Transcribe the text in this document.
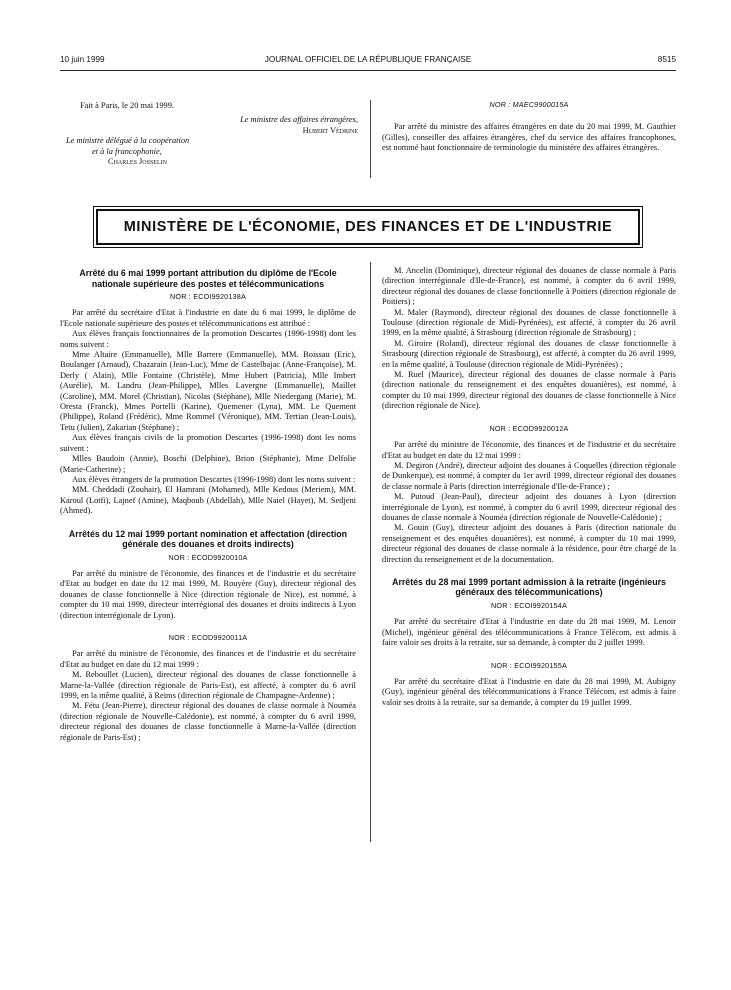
10 juin 1999	JOURNAL OFFICIEL DE LA RÉPUBLIQUE FRANÇAISE	8515
Fait à Paris, le 20 mai 1999.
Le ministre des affaires étrangères,
Hubert Védrine
Le ministre délégué à la coopération
et à la francophonie,
Charles Josselin

NOR : MAEC9900015A

Par arrêté du ministre des affaires étrangères en date du 20 mai 1999, M. Gauthier (Gilles), conseiller des affaires étrangères, chef du service des affaires francophones, est nommé haut fonctionnaire de terminologie du ministère des affaires étrangères.

MINISTÈRE DE L'ÉCONOMIE, DES FINANCES ET DE L'INDUSTRIE

Arrêté du 6 mai 1999 portant attribution du diplôme de l'Ecole nationale supérieure des postes et télécommunications

NOR : ECOI9920138A

Par arrêté du secrétaire d'Etat à l'industrie en date du 6 mai 1999, le diplôme de l'Ecole nationale supérieure des postes et télécommunications est attribué :

Aux élèves français fonctionnaires de la promotion Descartes (1996-1998) dont les noms suivent :

Mme Altaire (Emmanuelle), Mlle Barrere (Emmanuelle), MM. Boissau (Eric), Boulanger (Arnaud), Chazarain (Jean-Luc), Mme de Castelbajac (Anne-Françoise), M. Derly ( Alain), Mlle Fontaine (Christèle), Mme Hubert (Patricia), Mlle Imbert (Aurélie), M. Landru (Jean-Philippe), Mlles Lavergne (Emmanuelle), Maillet (Caroline), MM. Morel (Christian), Nicolas (Stéphane), Mlle Niedergang (Marie), M. Oresta (Franck), Mmes Portelli (Karine), Quemener (Lyna), MM. Le Quement (Philippe), Roland (Frédéric), Mme Rommel (Véronique), MM. Tertian (Jean-Louis), Tetu (Julien), Zakarian (Stéphane) ;

Aux élèves français civils de la promotion Descartes (1996-1998) dont les noms suivent :

Mlles Baudoin (Annie), Boschi (Delphine), Brion (Stéphanie), Mme Delfolie (Marie-Catherine) ;

Aux élèves étrangers de la promotion Descartes (1996-1998) dont les noms suivent :

MM. Cheddadi (Zouhair), El Hamrani (Mohamed), Mlle Kedous (Meriem), MM. Karoul (Lotfi), Lajnef (Amine), Maqboub (Abdellah), Mlle Naiel (Hayet), M. Sedjeni (Ahmed).

Arrêtés du 12 mai 1999 portant nomination et affectation (direction générale des douanes et droits indirects)

NOR : ECOD9920010A

Par arrêté du ministre de l'économie, des finances et de l'industrie et du secrétaire d'Etat au budget en date du 12 mai 1999, M. Rouyère (Guy), directeur régional des douanes de classe fonctionnelle à Nice (direction régionale de Nice), est nommé, à compter du 10 mai 1999, directeur interrégional des douanes et droits indirects à Lyon (direction interrégionale de Lyon).

NOR : ECOD9920011A

Par arrêté du ministre de l'économie, des finances et de l'industrie et du secrétaire d'Etat au budget en date du 12 mai 1999 :

M. Reboullet (Lucien), directeur régional des douanes de classe fonctionnelle à Marne-la-Vallée (direction régionale de Paris-Est), est affecté, à compter du 6 avril 1999, en la même qualité, à Reims (direction régionale de Champagne-Ardenne) ;

M. Fétu (Jean-Pierre), directeur régional des douanes de classe normale à Nouméa (direction régionale de Nouvelle-Calédonie), est nommé, à compter du 6 avril 1999, directeur régional des douanes de classe fonctionnelle à Marne-la-Vallée (direction régionale de Paris-Est) ;

M. Ancelin (Dominique), directeur régional des douanes de classe normale à Paris (direction interrégionale d'Ile-de-France), est nommé, à compter du 6 avril 1999, directeur régional des douanes de classe fonctionnelle à Poitiers (direction régionale de Poitiers) ;

M. Maler (Raymond), directeur régional des douanes de classe fonctionnelle à Toulouse (direction régionale de Midi-Pyrénées), est affecté, à compter du 26 avril 1999, en la même qualité, à Strasbourg (direction régionale de Strasbourg) ;

M. Giroire (Roland), directeur régional des douanes de classe fonctionnelle à Strasbourg (direction régionale de Strasbourg), est affecté, à compter du 26 avril 1999, en la même qualité, à Toulouse (direction régionale de Midi-Pyrénées) ;

M. Ruel (Maurice), directeur régional des douanes de classe normale à Paris (direction nationale du renseignement et des enquêtes douanières), est nommé, à compter du 10 mai 1999, directeur régional des douanes de classe fonctionnelle à Nice (direction régionale de Nice).

NOR : ECOD9920012A

Par arrêté du ministre de l'économie, des finances et de l'industrie et du secrétaire d'Etat au budget en date du 12 mai 1999 :

M. Degiron (André), directeur adjoint des douanes à Coquelles (direction régionale de Dunkerque), est nommé, à compter du 1er avril 1999, directeur régional des douanes de classe normale à Paris (direction interrégionale d'Ile-de-France) ;

M. Putoud (Jean-Paul), directeur adjoint des douanes à Lyon (direction interrégionale de Lyon), est nommé, à compter du 6 avril 1999, directeur régional des douanes de classe normale à Nouméa (direction régionale de Nouvelle-Calédonie) ;

M. Gouin (Guy), directeur adjoint des douanes à Paris (direction nationale du renseignement et des enquêtes douanières), est nommé, à compter du 10 mai 1999, directeur régional des douanes de classe normale à la résidence, pour être chargé de la direction du renseignement et de la documentation.

Arrêtés du 28 mai 1999 portant admission à la retraite (ingénieurs généraux des télécommunications)

NOR : ECOI9920154A

Par arrêté du secrétaire d'Etat à l'industrie en date du 28 mai 1999, M. Lenoir (Michel), ingénieur général des télécommunications à France Télécom, est admis à faire valoir ses droits à la retraite, sur sa demande, à compter du 2 juillet 1999.

NOR : ECOI9920155A

Par arrêté du secrétaire d'Etat à l'industrie en date du 28 mai 1999, M. Aubigny (Guy), ingénieur général des télécommunications à France Télécom, est admis à faire valoir ses droits à la retraite, sur sa demande, à compter du 19 juillet 1999.
